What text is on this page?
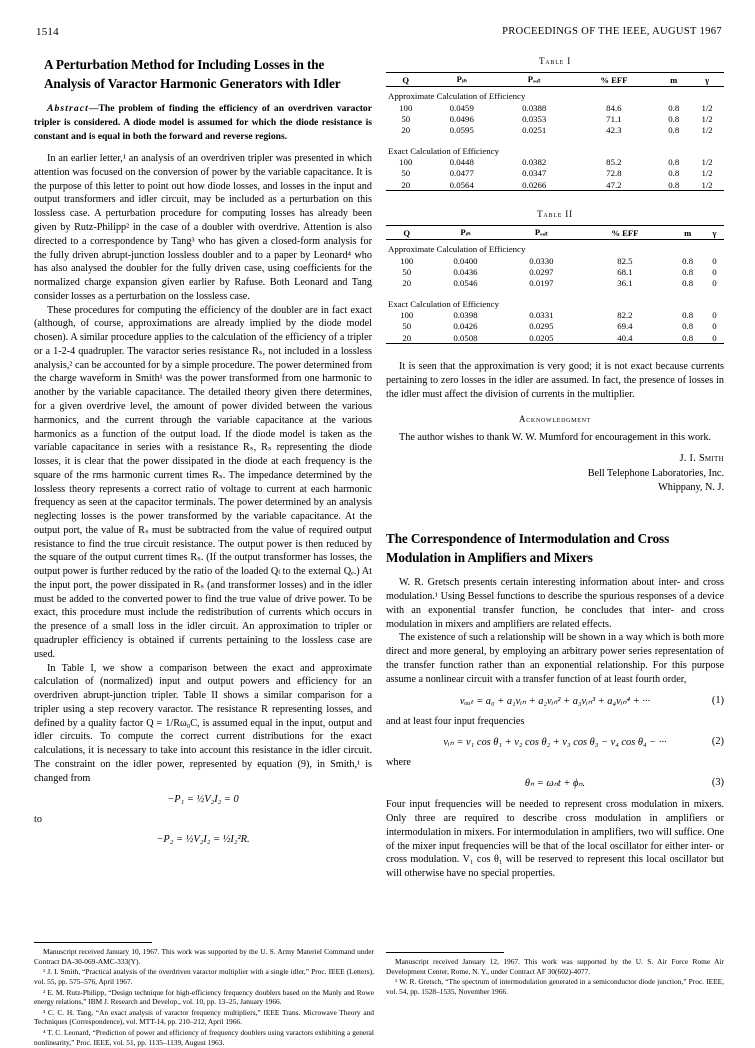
1514	PROCEEDINGS OF THE IEEE, AUGUST 1967
A Perturbation Method for Including Losses in the Analysis of Varactor Harmonic Generators with Idler

Abstract—The problem of finding the efficiency of an overdriven varactor tripler is considered. A diode model is assumed for which the diode resistance is constant and is equal in both the forward and reverse regions.

In an earlier letter,¹ an analysis of an overdriven tripler was presented in which attention was focused on the conversion of power by the variable capacitance. It is the purpose of this letter to point out how diode losses, and losses in the input and output transformers and idler circuit, may be included as a perturbation on this lossless case. A perturbation procedure for computing losses has already been given by Rutz-Philipp² in the case of a doubler with overdrive. Attention is also directed to a correspondence by Tang³ who has given a closed-form analysis for the fully driven abrupt-junction lossless doubler and to a paper by Leonard⁴ who has also analysed the doubler for the fully driven case, using coefficients for the normalized charge expansion given earlier by Rafuse. Both Leonard and Tang consider losses as a perturbation on the lossless case.

These procedures for computing the efficiency of the doubler are in fact exact (although, of course, approximations are already implied by the diode model chosen). A similar procedure applies to the calculation of the efficiency of a tripler or a 1-2-4 quadrupler. The varactor series resistance Rₛ, not included in a lossless analysis,² can be accounted for by a simple procedure. The power determined from the charge waveform in Smith¹ was the power transformed from one harmonic to another by the variable capacitance. The detailed theory given there determines, for a given overdrive level, the amount of power divided between the various harmonics, and the current through the variable capacitance at the various harmonics as a function of the output load. If the diode model is taken as the variable capacitance in series with a resistance Rₛ, Rₛ representing the diode losses, it is clear that the power dissipated in the diode at each frequency is the square of the rms harmonic current times Rₛ. The impedance determined by the lossless theory represents a correct ratio of voltage to current at each harmonic frequency as seen at the capacitor terminals. The power determined by an analysis neglecting losses is the power transformed by the variable capacitance. At the output port, the value of Rₛ must be subtracted from the value of required output resistance to find the true circuit resistance. The output power is then reduced by the square of the output current times Rₛ. (If the output transformer has losses, the output power is further reduced by the ratio of the loaded Qₗ to the external Qₑ.) At the input port, the power dissipated in Rₛ (and transformer losses) and in the idler must be added to the converted power to find the true value of drive power. To be exact, this procedure must include the redistribution of currents which occurs in the presence of a small loss in the idler circuit. An approximation to tripler or quadrupler efficiency is obtained if currents pertaining to the lossless case are used.

In Table I, we show a comparison between the exact and approximate calculation of (normalized) input and output powers and efficiency for an overdriven abrupt-junction tripler. Table II shows a similar comparison for a tripler using a step recovery varactor. The resistance R representing losses, and defined by a quality factor Q = 1/Rω₀C, is assumed equal in the input, output and idler circuits. To compute the correct current distributions for the exact calculations, it is necessary to take into account this resistance in the idler circuit. The constraint on the idler power, represented by equation (9), in Smith,¹ is changed from

−P₁ = ½V₂I₂ = 0

to

−P₂ = ½V₂I₂ = ½I₂²R.

Manuscript received January 10, 1967. This work was supported by the U. S. Army Materiel Command under Contract DA-30-069-AMC-333(Y).

¹ J. I. Smith, “Practical analysis of the overdriven varactor multiplier with a single idler,” Proc. IEEE (Letters), vol. 55, pp. 575–576, April 1967.

² E. M. Rutz-Philipp, “Design technique for high-efficiency frequency doublers based on the Manly and Rowe energy relations,” IBM J. Research and Develop., vol. 10, pp. 13–25, January 1966.

³ C. C. H. Tang, “An exact analysis of varactor frequency multipliers,” IEEE Trans. Microwave Theory and Techniques (Correspondence), vol. MTT-14, pp. 210–212, April 1966.

⁴ T. C. Leonard, “Prediction of power and efficiency of frequency doublers using varactors exhibiting a general nonlinearity,” Proc. IEEE, vol. 51, pp. 1135–1139, August 1963.

Table I

Q	Pᵢₙ	Pₒᵤₜ	% EFF	m	γ

Approximate Calculation of Efficiency					
100	0.0459	0.0388	84.6	0.8	1/2
50	0.0496	0.0353	71.1	0.8	1/2
20	0.0595	0.0251	42.3	0.8	1/2

Exact Calculation of Efficiency					
100	0.0448	0.0382	85.2	0.8	1/2
50	0.0477	0.0347	72.8	0.8	1/2
20	0.0564	0.0266	47.2	0.8	1/2

Table II

Q	Pᵢₙ	Pₒᵤₜ	% EFF	m	γ

Approximate Calculation of Efficiency					
100	0.0400	0.0330	82.5	0.8	0
50	0.0436	0.0297	68.1	0.8	0
20	0.0546	0.0197	36.1	0.8	0

Exact Calculation of Efficiency					
100	0.0398	0.0331	82.2	0.8	0
50	0.0426	0.0295	69.4	0.8	0
20	0.0508	0.0205	40.4	0.8	0

It is seen that the approximation is very good; it is not exact because currents pertaining to zero losses in the idler are assumed. In fact, the presence of losses in the idler must affect the division of currents in the multiplier.

Acknowledgment

The author wishes to thank W. W. Mumford for encouragement in this work.

J. I. Smith
Bell Telephone Laboratories, Inc.
Whippany, N. J.
The Correspondence of Intermodulation and Cross Modulation in Amplifiers and Mixers

W. R. Gretsch presents certain interesting information about inter- and cross modulation.¹ Using Bessel functions to describe the spurious responses of a device with an exponential transfer function, he concludes that inter- and cross modulation in mixers and amplifiers are related effects.

The existence of such a relationship will be shown in a way which is both more direct and more general, by employing an arbitrary power series representation of the transfer function rather than an exponential relationship. For this purpose assume a nonlinear circuit with a transfer function of at least fourth order,

vₒᵤₜ = a₀ + a₁vᵢₙ + a₂vᵢₙ² + a₃vᵢₙ³ + a₄vᵢₙ⁴ + ···	(1)

and at least four input frequencies

vᵢₙ = v₁ cos θ₁ + v₂ cos θ₂ + v₃ cos θ₃ − v₄ cos θ₄ − ···	(2)

where

θₙ = ωₙt + ϕₙ.	(3)

Four input frequencies will be needed to represent cross modulation in mixers. Only three are required to describe cross modulation in amplifiers or intermodulation in mixers. For intermodulation in amplifiers, two will suffice. One of the mixer input frequencies will be that of the local oscillator for either inter- or cross modulation. V₁ cos θ₁ will be reserved to represent this local oscillator but will otherwise have no special properties.

Manuscript received January 12, 1967. This work was supported by the U. S. Air Force Rome Air Development Center, Rome, N. Y., under Contract AF 30(602)-4077.

¹ W. R. Gretsch, “The spectrum of intermodulation generated in a semiconductor diode junction,” Proc. IEEE, vol. 54, pp. 1528–1535, November 1966.
